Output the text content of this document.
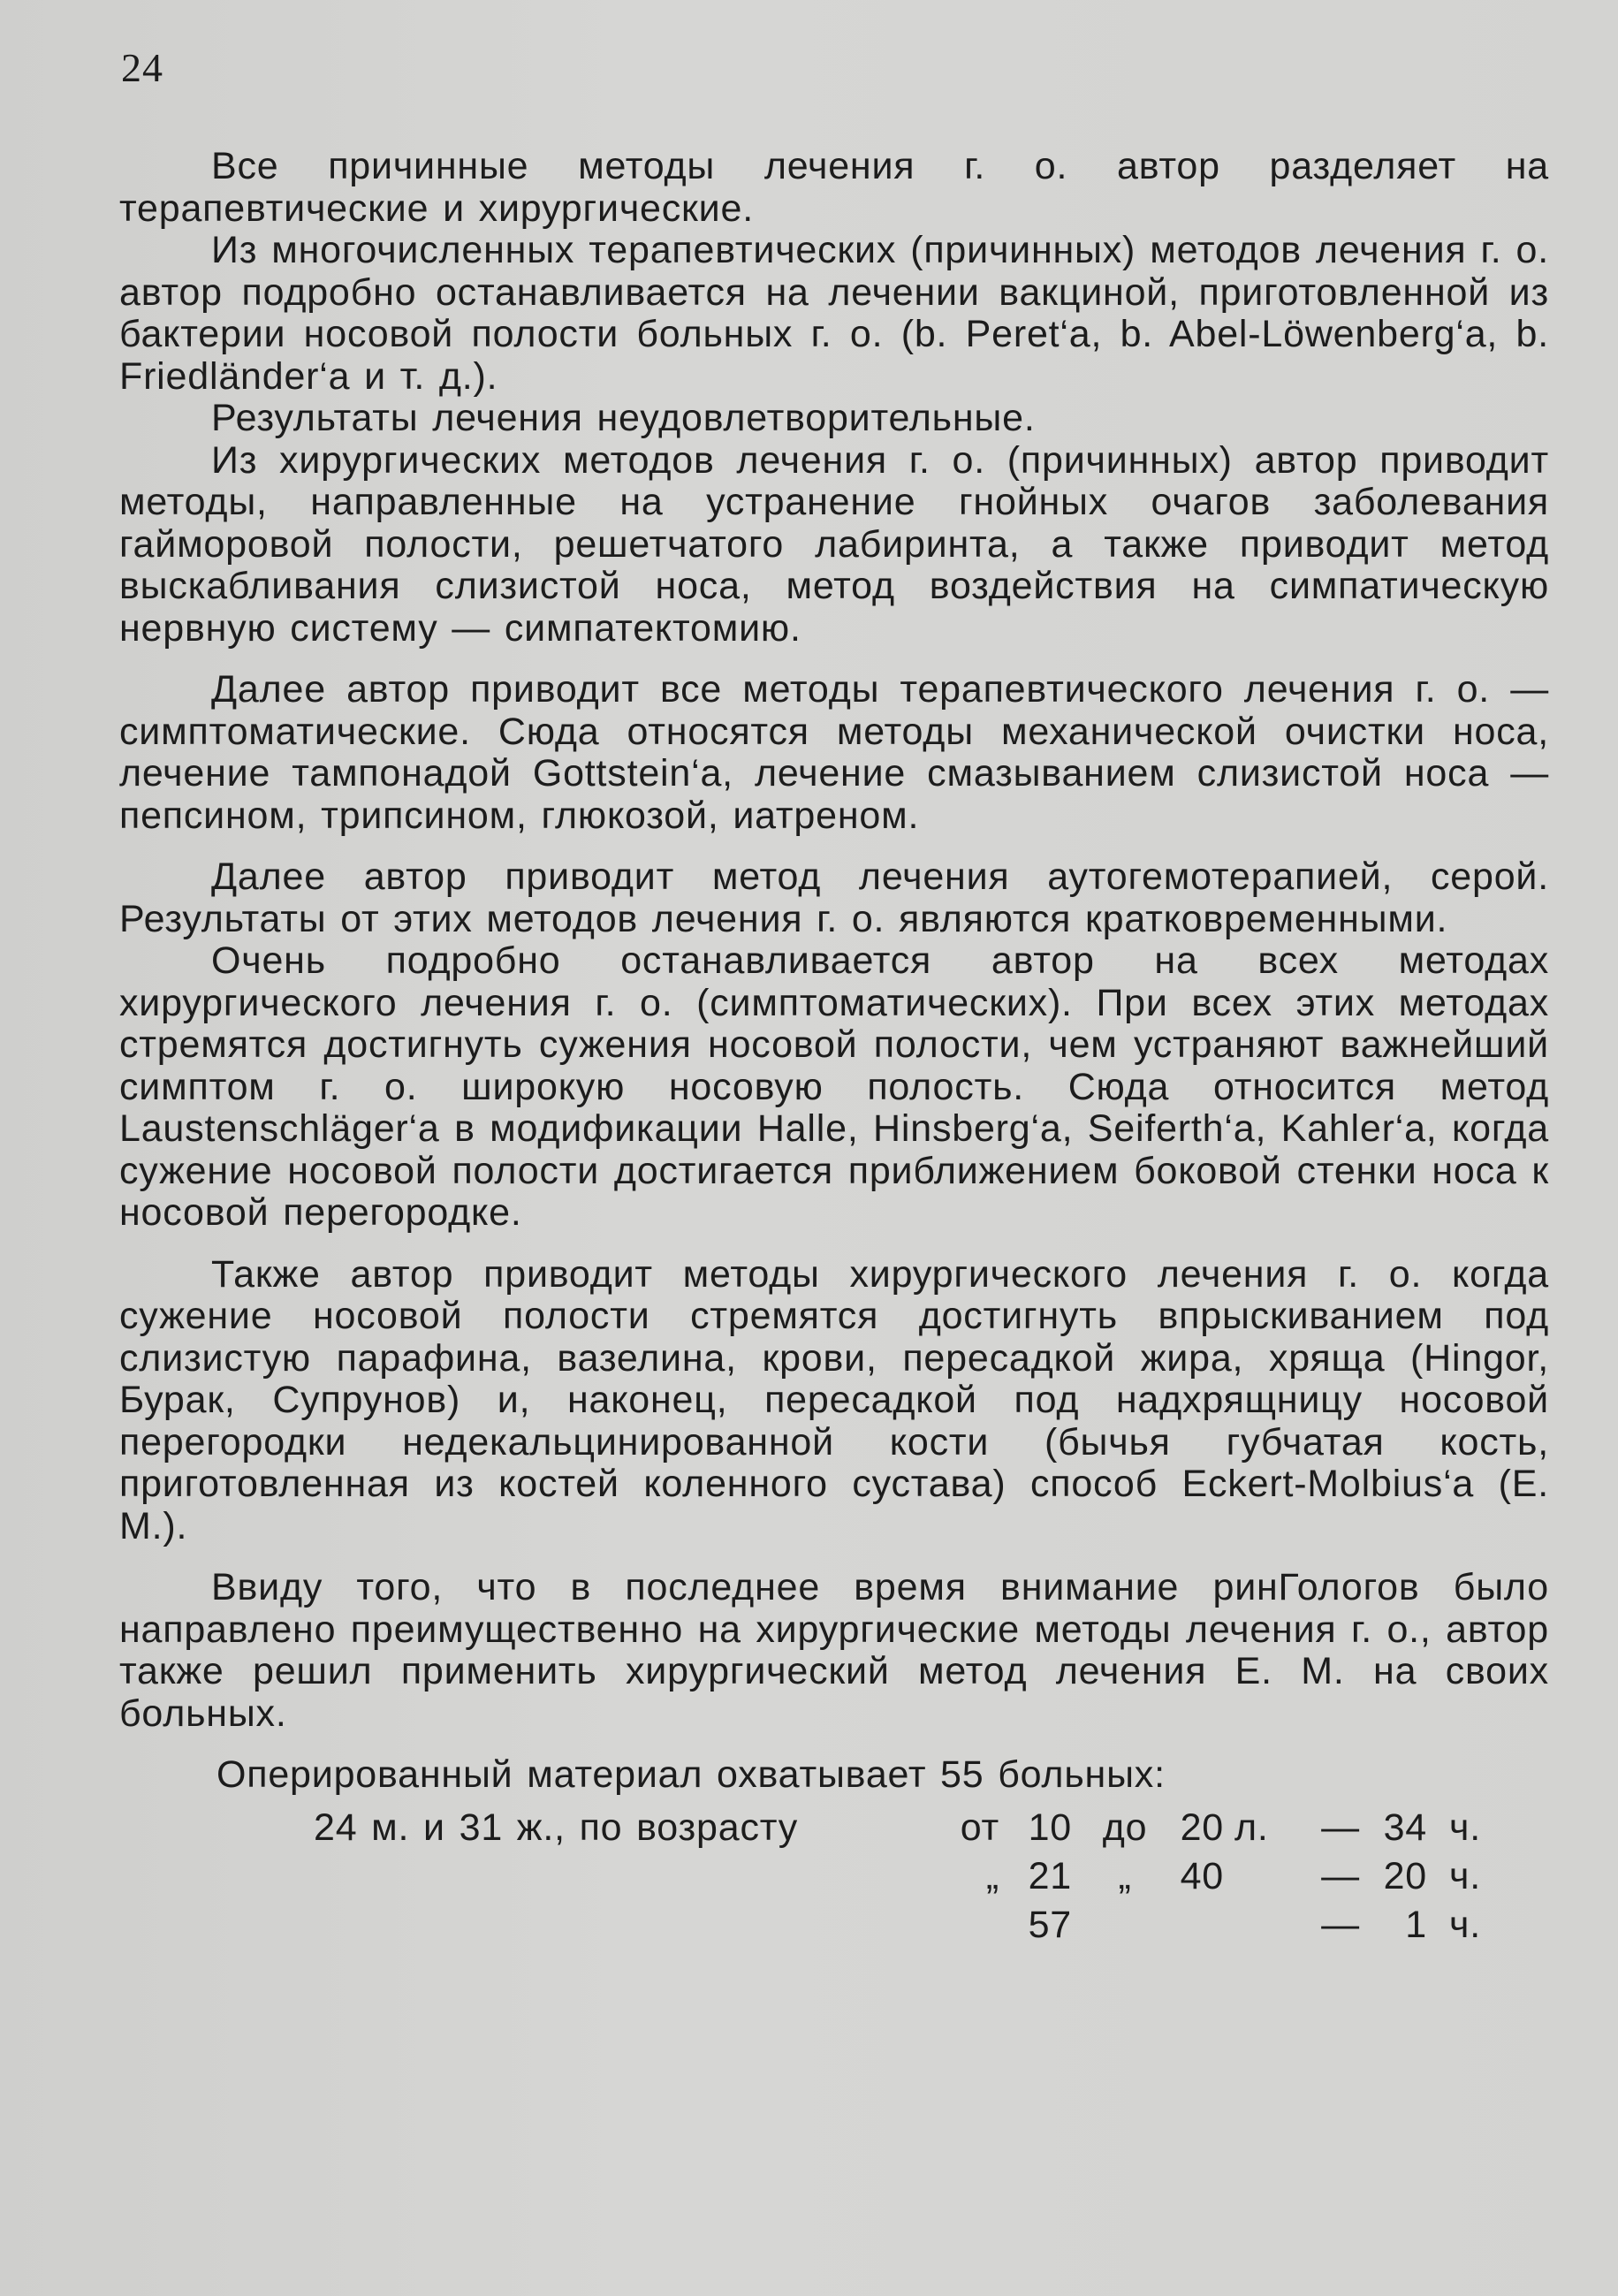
24

Все причинные методы лечения г. о. автор разделяет на терапевтические и хирургические.

Из многочисленных терапевтических (причинных) методов лечения г. о. автор подробно останавливается на лечении вакциной, приготовленной из бактерии носовой полости больных г. о. (b. Peret‘a, b. Abel-Löwenberg‘a, b. Friedländer‘a и т. д.).

Результаты лечения неудовлетворительные.

Из хирургических методов лечения г. о. (причинных) автор приводит методы, направленные на устранение гнойных очагов заболевания гайморовой полости, решетчатого лабиринта, а также приводит метод выскабливания слизистой носа, метод воздействия на симпатическую нервную систему — симпатектомию.

Далее автор приводит все методы терапевтического лечения г. о. — симптоматические. Сюда относятся методы механической очистки носа, лечение тампонадой Gottstein‘a, лечение смазыванием слизистой носа — пепсином, трипсином, глюкозой, иатреном.

Далее автор приводит метод лечения аутогемотерапией, серой. Результаты от этих методов лечения г. о. являются кратковременными.

Очень подробно останавливается автор на всех методах хирургического лечения г. о. (симптоматических). При всех этих методах стремятся достигнуть сужения носовой полости, чем устраняют важнейший симптом г. о. широкую носовую полость. Сюда относится метод Laustenschläger‘a в модификации Halle, Hinsberg‘a, Seiferth‘a, Kahler‘a, когда сужение носовой полости достигается приближением боковой стенки носа к носовой перегородке.

Также автор приводит методы хирургического лечения г. о. когда сужение носовой полости стремятся достигнуть впрыскиванием под слизистую парафина, вазелина, крови, пересадкой жира, хряща (Hingor, Бурак, Супрунов) и, наконец, пересадкой под надхрящницу носовой перегородки недекальцинированной кости (бычья губчатая кость, приготовленная из костей коленного сустава) способ Eckert-Molbius‘a (E. M.).

Ввиду того, что в последнее время внимание ринГологов было направлено преимущественно на хирургические методы лечения г. о., автор также решил применить хирургический метод лечения Е. М. на своих больных.

Оперированный материал охватывает 55 больных:
24 м. и 31 ж., по возрасту	от 10 до 20 л. — 34 ч.
„ 21	„	40	— 20 ч.
57	—	1 ч.
